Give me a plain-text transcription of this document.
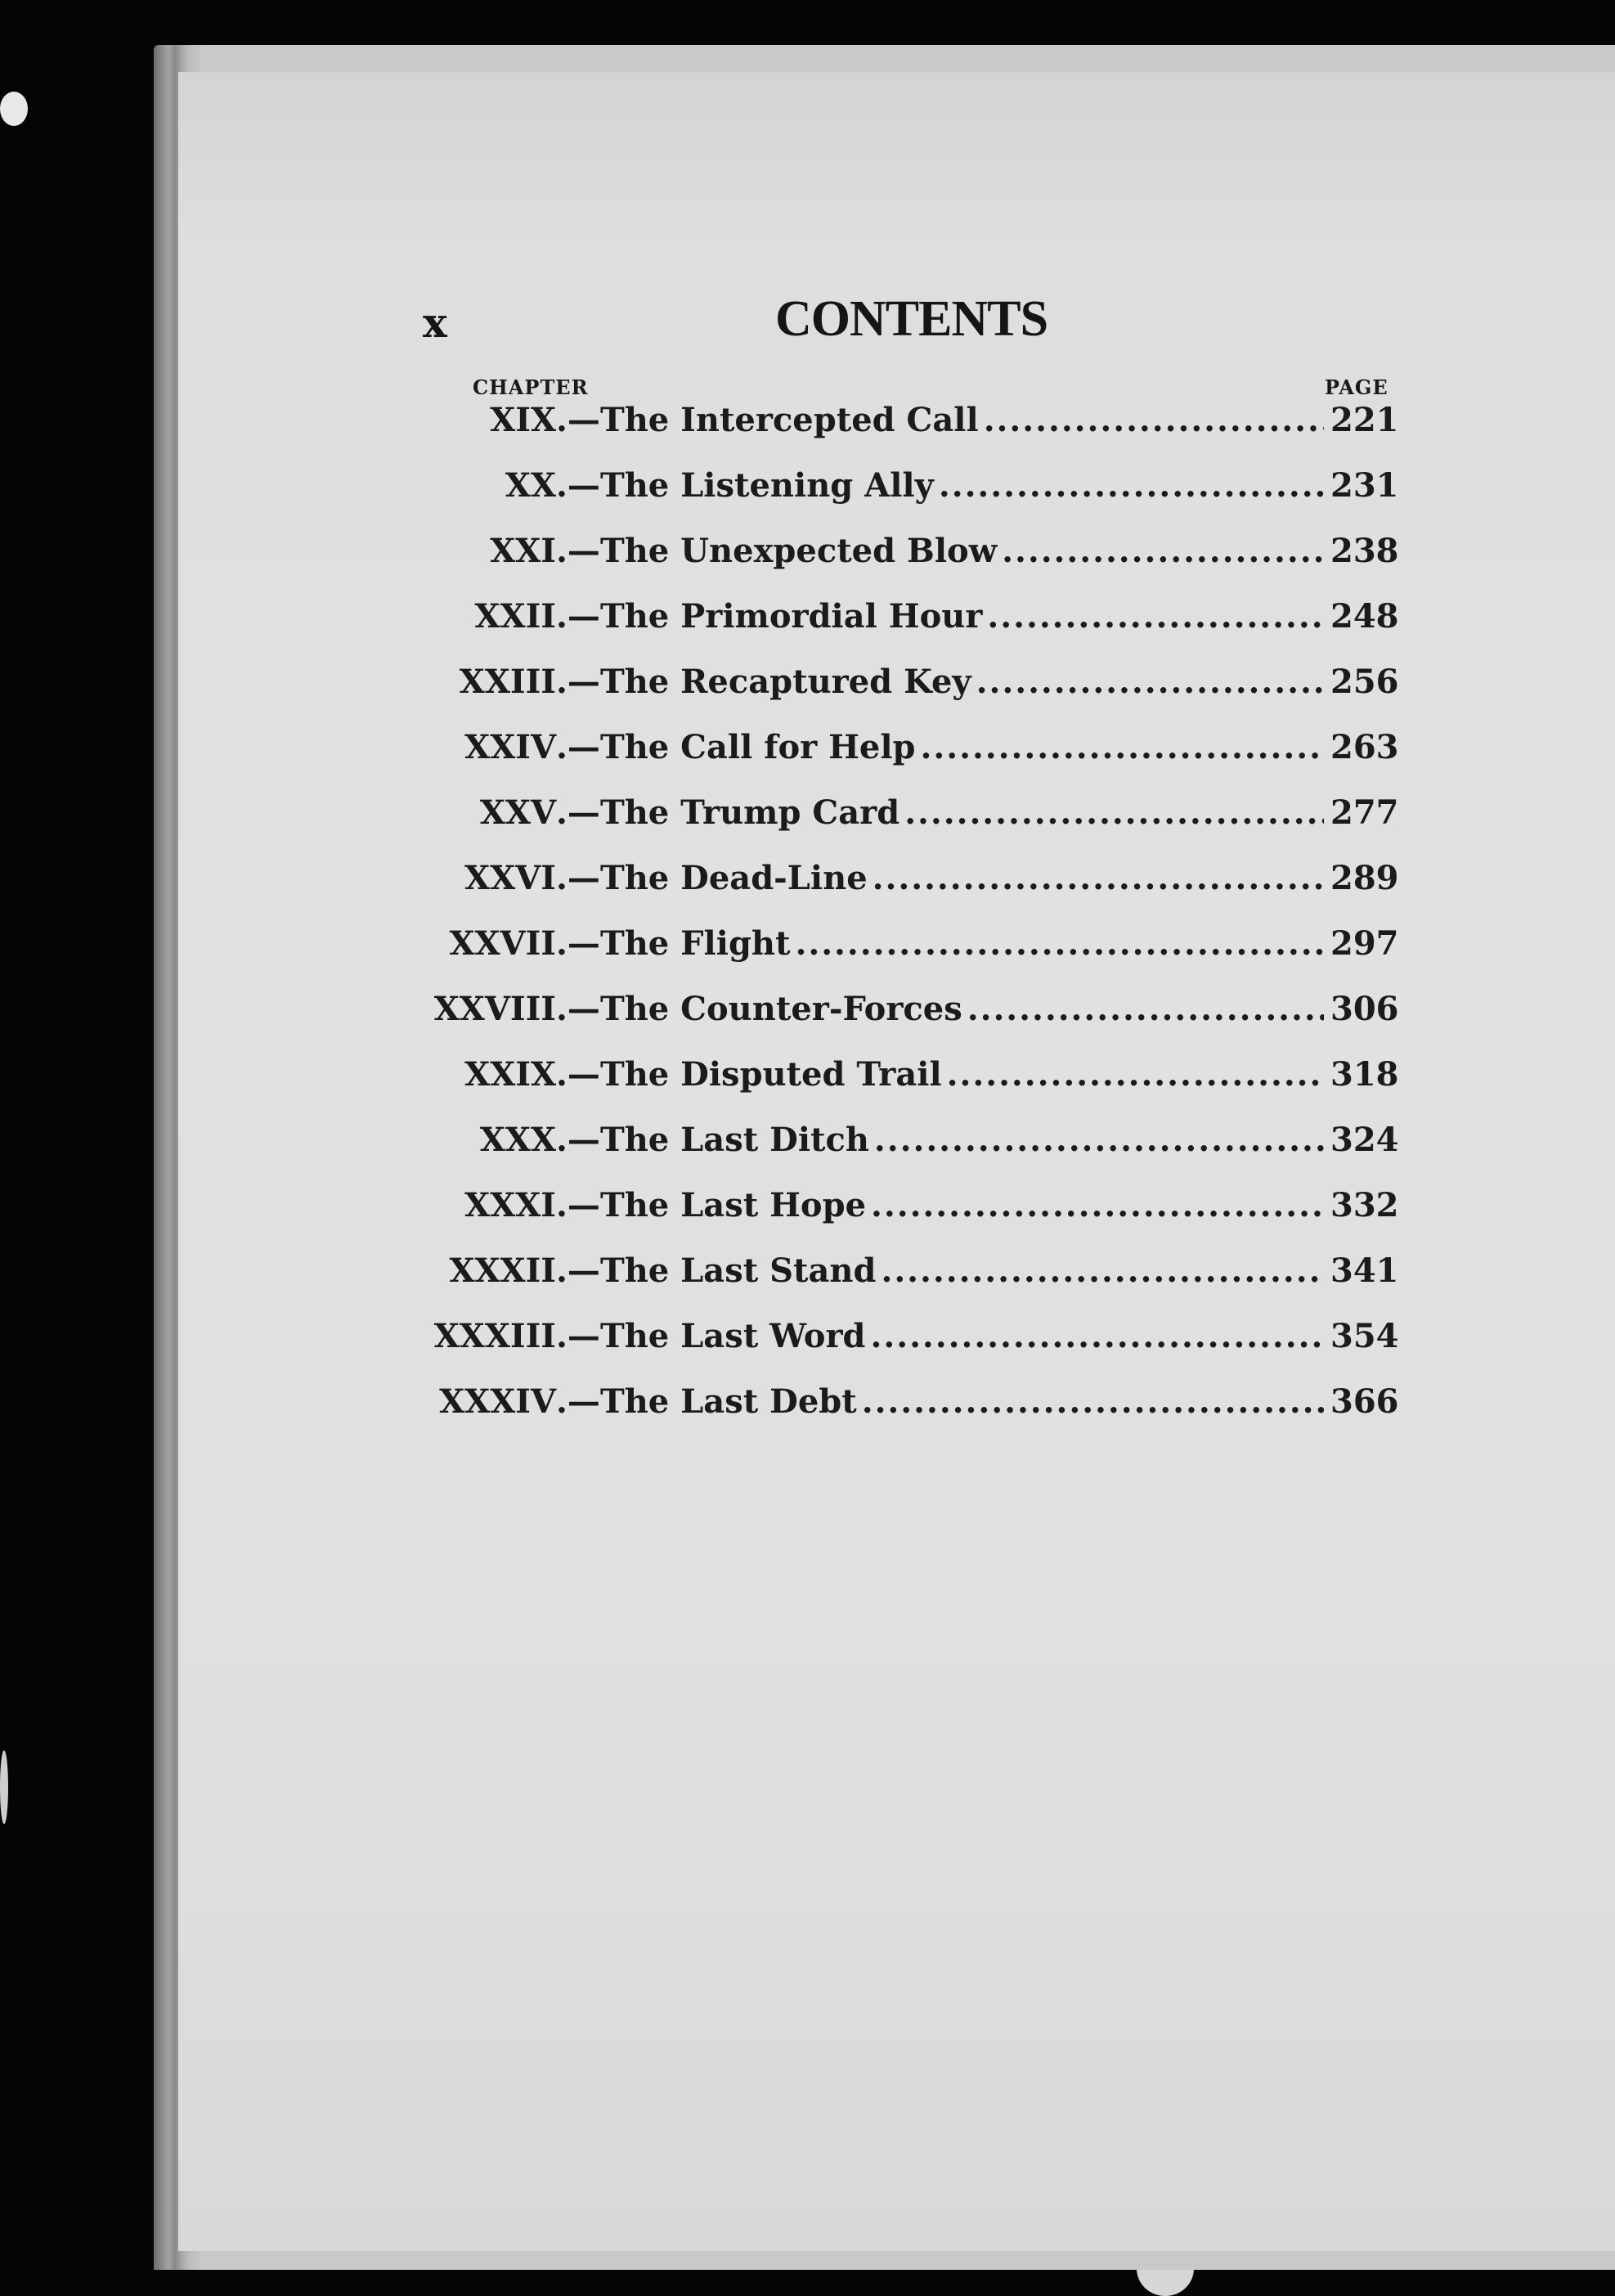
x	CONTENTS
CHAPTER	PAGE
XIX .— The Intercepted Call . . .	221
XX .— The Listening Ally . . .	231
XXI .— The Unexpected Blow . . .	238
XXII .— The Primordial Hour . . .	248
XXIII .— The Recaptured Key . . .	256
XXIV .— The Call for Help . . .	263
XXV .— The Trump Card . . .	277
XXVI .— The Dead-Line . . .	289
XXVII .— The Flight . . .	297
XXVIII .— The Counter-Forces . . .	306
XXIX .— The Disputed Trail . . .	318
XXX .— The Last Ditch . . .	324
XXXI .— The Last Hope . . .	332
XXXII .— The Last Stand . . .	341
XXXIII .— The Last Word . . .	354
XXXIV .— The Last Debt . . .	366
